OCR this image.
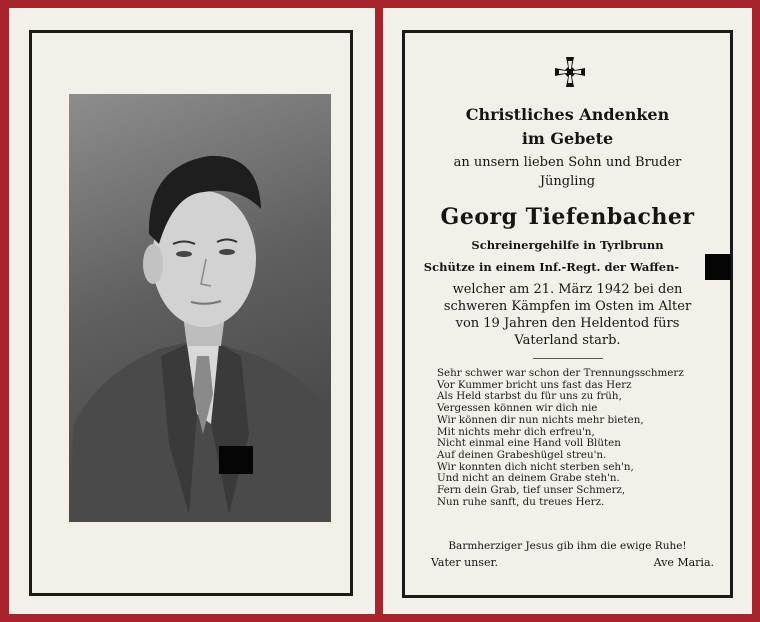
Christliches Andenken
im Gebete
an unsern lieben Sohn und Bruder
Jüngling
Georg Tiefenbacher
Schreinergehilfe in Tyrlbrunn
Schütze in einem Inf.-Regt. der Waffen-
welcher am 21. März 1942 bei den
schweren Kämpfen im Osten im Alter
von 19 Jahren den Heldentod fürs
Vaterland starb.
Sehr schwer war schon der Trennungsschmerz
Vor Kummer bricht uns fast das Herz
Als Held starbst du für uns zu früh,
Vergessen können wir dich nie
Wir können dir nun nichts mehr bieten,
Mit nichts mehr dich erfreu'n,
Nicht einmal eine Hand voll Blüten
Auf deinen Grabeshügel streu'n.
Wir konnten dich nicht sterben seh'n,
Und nicht an deinem Grabe steh'n.
Fern dein Grab, tief unser Schmerz,
Nun ruhe sanft, du treues Herz.
Barmherziger Jesus gib ihm die ewige Ruhe!
Vater unser.	Ave Maria.
